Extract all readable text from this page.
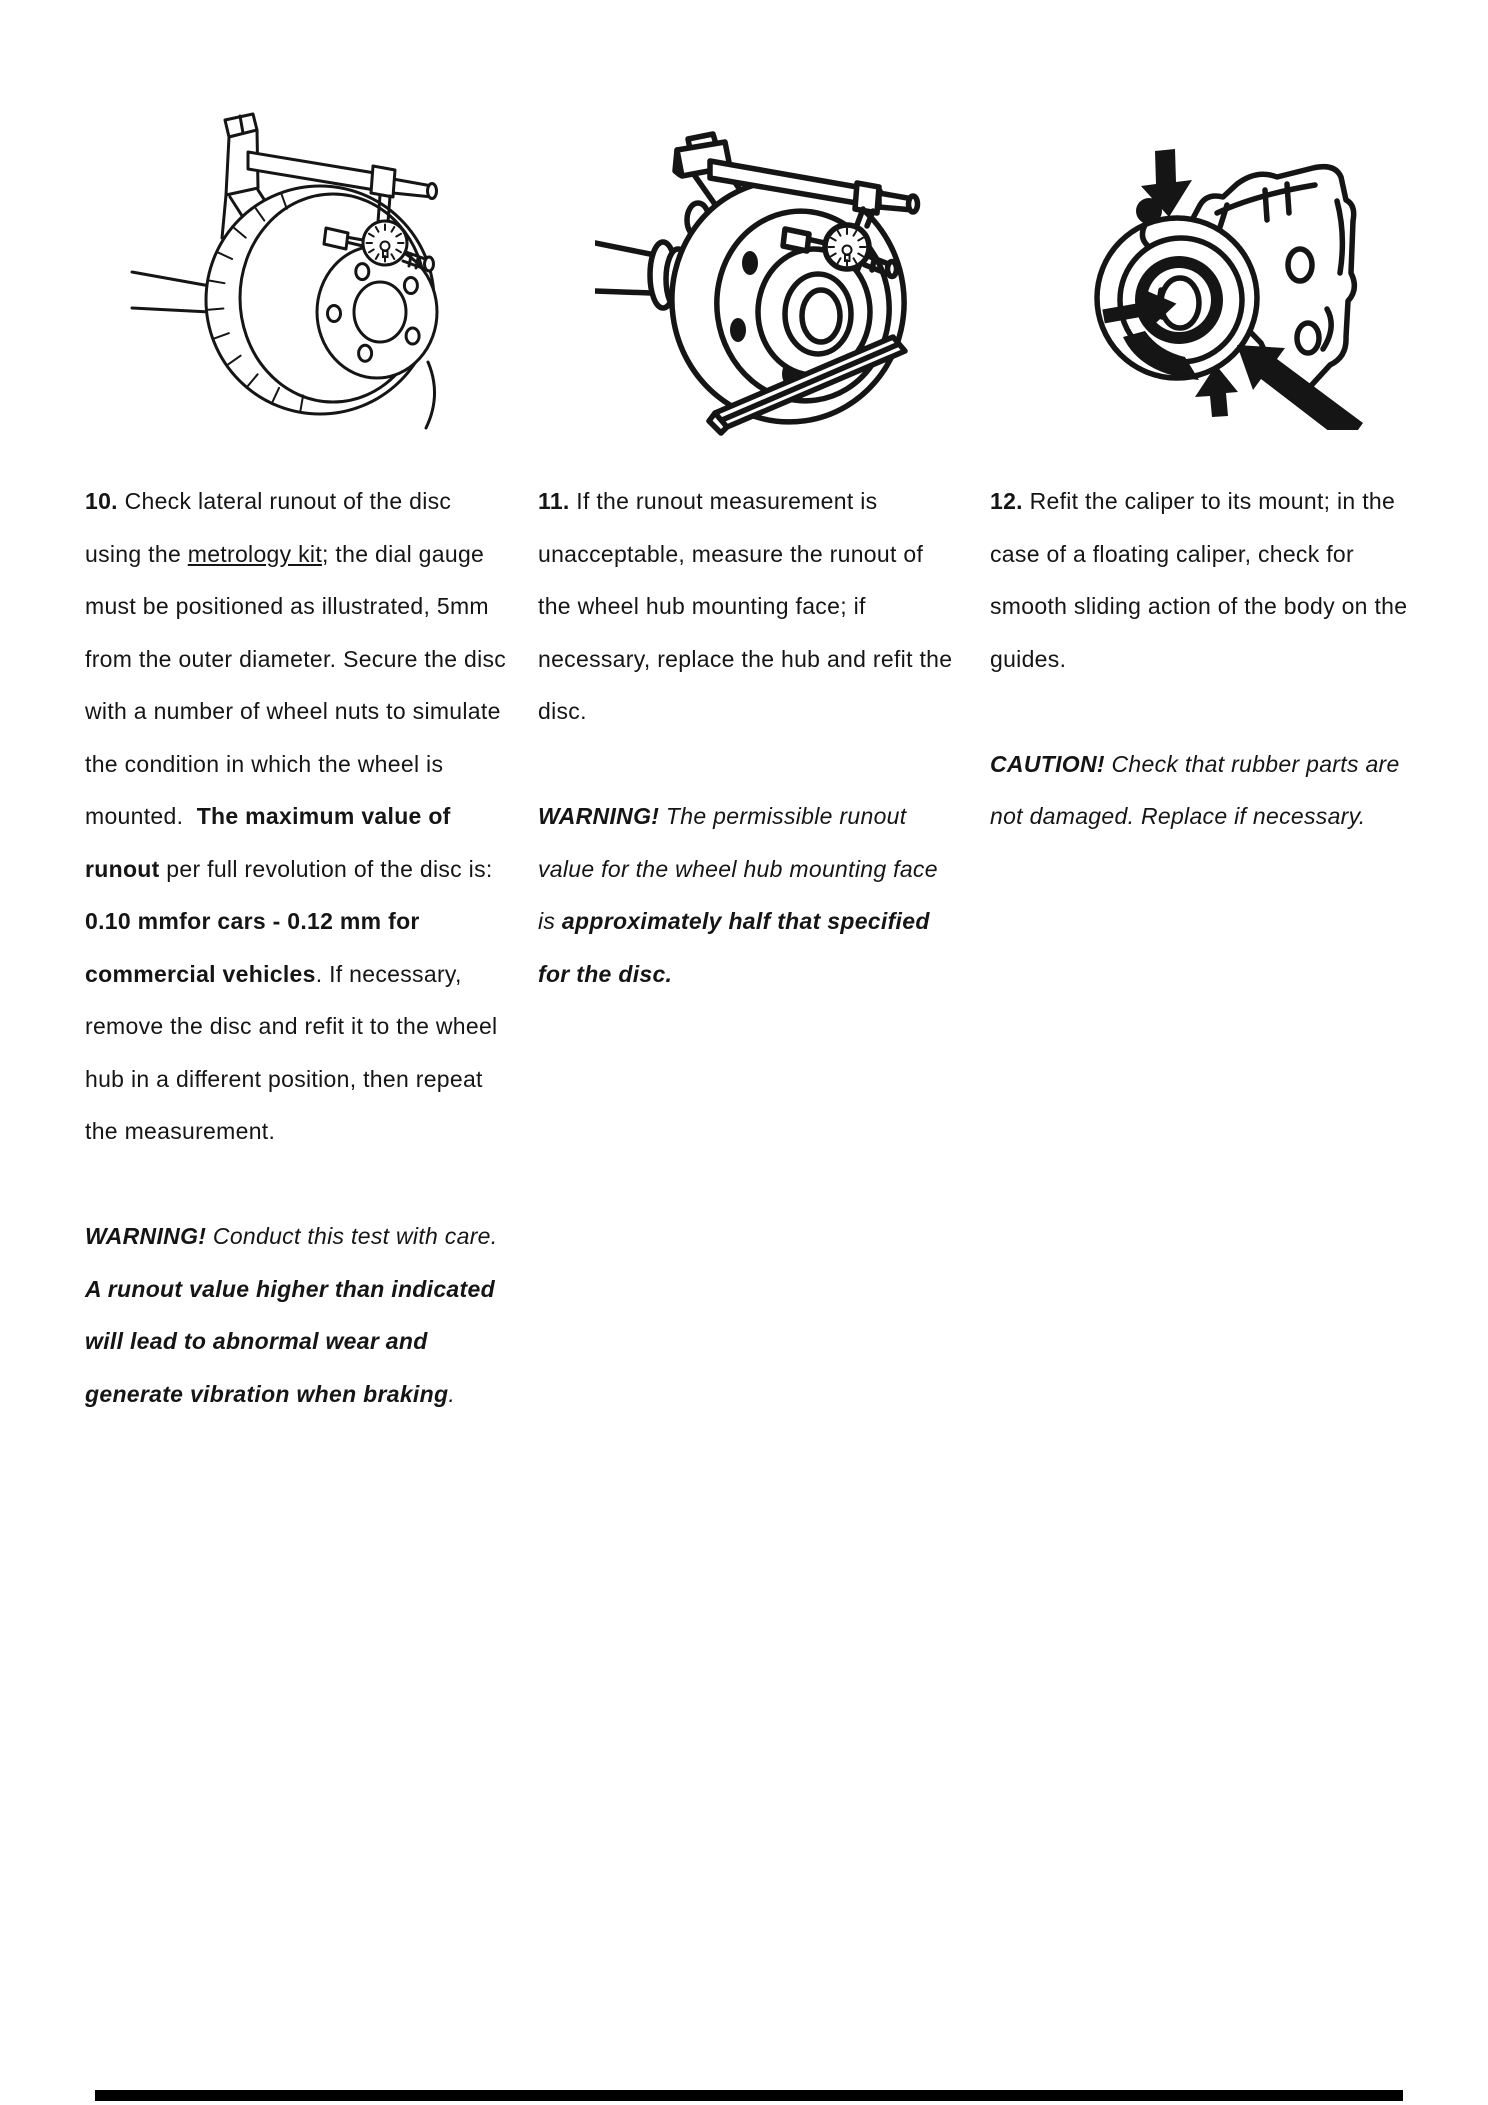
10. Check lateral runout of the disc using the metrology kit; the dial gauge must be positioned as illustrated, 5mm from the outer diameter. Secure the disc with a number of wheel nuts to simulate the condition in which the wheel is mounted.  The maximum value of runout per full revolution of the disc is: 0.10 mmfor cars - 0.12 mm for commercial vehicles. If necessary, remove the disc and refit it to the wheel hub in a different position, then repeat the measurement.

WARNING! Conduct this test with care. A runout value higher than indicated will lead to abnormal wear and generate vibration when braking.

11. If the runout measurement is unacceptable, measure the runout of the wheel hub mounting face; if necessary, replace the hub and refit the disc.

WARNING! The permissible runout value for the wheel hub mounting face
is approximately half that specified for the disc.

12. Refit the caliper to its mount; in the case of a floating caliper, check for smooth sliding action of the body on the guides.

CAUTION! Check that rubber parts are not damaged. Replace if necessary.
